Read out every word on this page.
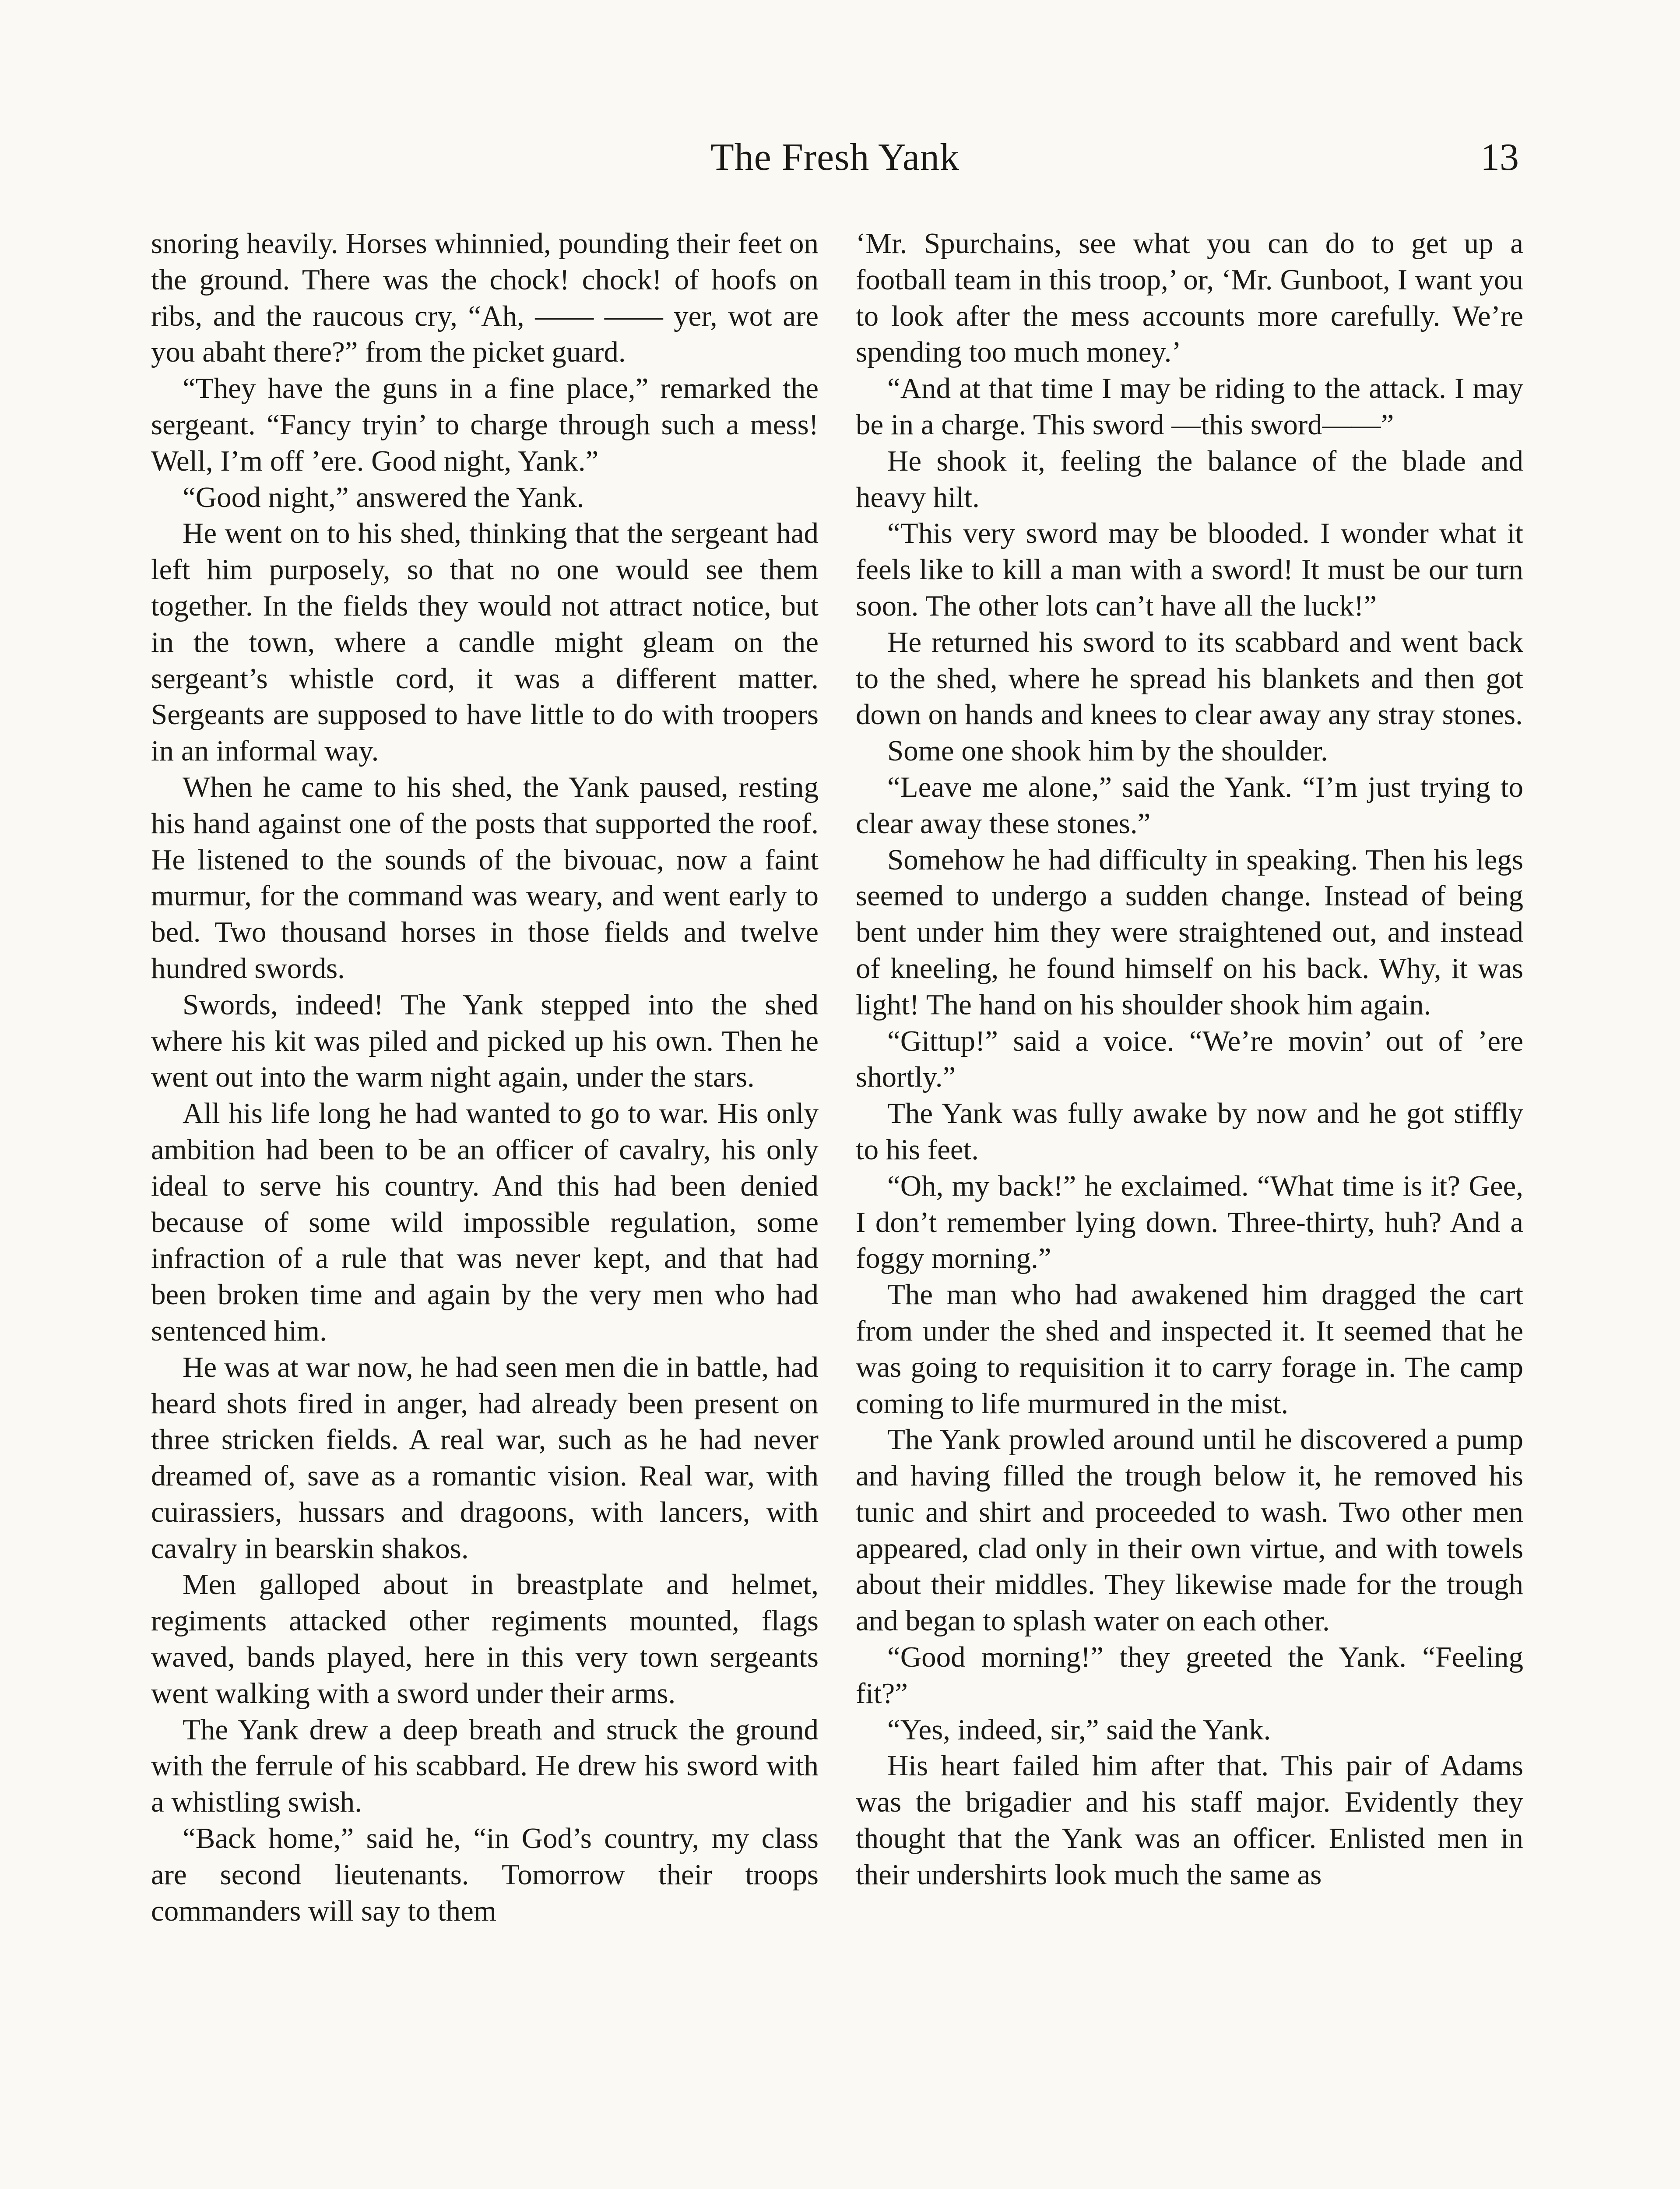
The Fresh Yank	13

snoring heavily. Horses whinnied, pounding their feet on the ground. There was the chock! chock! of hoofs on ribs, and the raucous cry, “Ah, —— —— yer, wot are you abaht there?” from the picket guard.

“They have the guns in a fine place,” remarked the sergeant. “Fancy tryin’ to charge through such a mess! Well, I’m off ’ere. Good night, Yank.”

“Good night,” answered the Yank.

He went on to his shed, thinking that the sergeant had left him purposely, so that no one would see them together. In the fields they would not attract notice, but in the town, where a candle might gleam on the sergeant’s whistle cord, it was a different matter. Sergeants are supposed to have little to do with troopers in an informal way.

When he came to his shed, the Yank paused, resting his hand against one of the posts that supported the roof. He listened to the sounds of the bivouac, now a faint murmur, for the command was weary, and went early to bed. Two thousand horses in those fields and twelve hundred swords.

Swords, indeed! The Yank stepped into the shed where his kit was piled and picked up his own. Then he went out into the warm night again, under the stars.

All his life long he had wanted to go to war. His only ambition had been to be an officer of cavalry, his only ideal to serve his country. And this had been denied because of some wild impossible regulation, some infraction of a rule that was never kept, and that had been broken time and again by the very men who had sentenced him.

He was at war now, he had seen men die in battle, had heard shots fired in anger, had already been present on three stricken fields. A real war, such as he had never dreamed of, save as a romantic vision. Real war, with cuirassiers, hussars and dragoons, with lancers, with cavalry in bearskin shakos.

Men galloped about in breastplate and helmet, regiments attacked other regiments mounted, flags waved, bands played, here in this very town sergeants went walking with a sword under their arms.

The Yank drew a deep breath and struck the ground with the ferrule of his scabbard. He drew his sword with a whistling swish.

“Back home,” said he, “in God’s country, my class are second lieutenants. Tomorrow their troops commanders will say to them

‘Mr. Spurchains, see what you can do to get up a football team in this troop,’ or, ‘Mr. Gunboot, I want you to look after the mess accounts more carefully. We’re spending too much money.’

“And at that time I may be riding to the attack. I may be in a charge. This sword —this sword——”

He shook it, feeling the balance of the blade and heavy hilt.

“This very sword may be blooded. I wonder what it feels like to kill a man with a sword! It must be our turn soon. The other lots can’t have all the luck!”

He returned his sword to its scabbard and went back to the shed, where he spread his blankets and then got down on hands and knees to clear away any stray stones.

Some one shook him by the shoulder.

“Leave me alone,” said the Yank. “I’m just trying to clear away these stones.”

Somehow he had difficulty in speaking. Then his legs seemed to undergo a sudden change. Instead of being bent under him they were straightened out, and instead of kneeling, he found himself on his back. Why, it was light! The hand on his shoulder shook him again.

“Gittup!” said a voice. “We’re movin’ out of ’ere shortly.”

The Yank was fully awake by now and he got stiffly to his feet.

“Oh, my back!” he exclaimed. “What time is it? Gee, I don’t remember lying down. Three-thirty, huh? And a foggy morning.”

The man who had awakened him dragged the cart from under the shed and inspected it. It seemed that he was going to requisition it to carry forage in. The camp coming to life murmured in the mist.

The Yank prowled around until he discovered a pump and having filled the trough below it, he removed his tunic and shirt and proceeded to wash. Two other men appeared, clad only in their own virtue, and with towels about their middles. They likewise made for the trough and began to splash water on each other.

“Good morning!” they greeted the Yank. “Feeling fit?”

“Yes, indeed, sir,” said the Yank.

His heart failed him after that. This pair of Adams was the brigadier and his staff major. Evidently they thought that the Yank was an officer. Enlisted men in their undershirts look much the same as
